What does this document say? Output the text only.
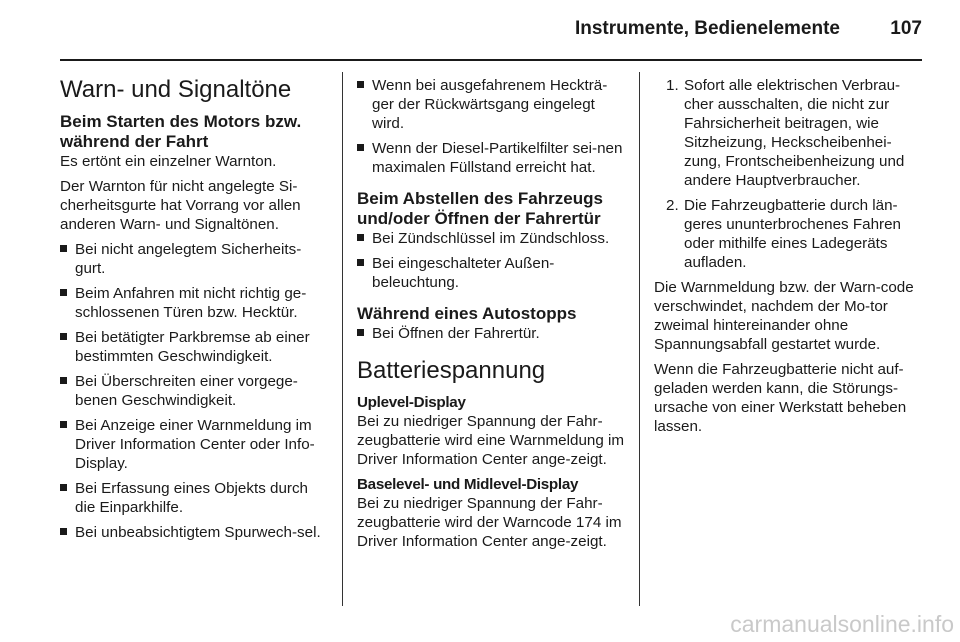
Instrumente, Bedienelemente	107
Warn- und Signaltöne
Beim Starten des Motors bzw. während der Fahrt

Es ertönt ein einzelner Warnton.

Der Warnton für nicht angelegte Si-cherheitsgurte hat Vorrang vor allen anderen Warn- und Signaltönen.

Bei nicht angelegtem Sicherheits-gurt.
Beim Anfahren mit nicht richtig ge-schlossenen Türen bzw. Hecktür.
Bei betätigter Parkbremse ab einer bestimmten Geschwindigkeit.
Bei Überschreiten einer vorgege-benen Geschwindigkeit.
Bei Anzeige einer Warnmeldung im Driver Information Center oder Info-Display.
Bei Erfassung eines Objekts durch die Einparkhilfe.
Bei unbeabsichtigtem Spurwech-sel.
Wenn bei ausgefahrenem Heckträ-ger der Rückwärtsgang eingelegt wird.
Wenn der Diesel-Partikelfilter sei-nen maximalen Füllstand erreicht hat.
Beim Abstellen des Fahrzeugs und/oder Öffnen der Fahrertür
Bei Zündschlüssel im Zündschloss.
Bei eingeschalteter Außen-beleuchtung.
Während eines Autostopps
Bei Öffnen der Fahrertür.
Batteriespannung
Uplevel-Display

Bei zu niedriger Spannung der Fahr-zeugbatterie wird eine Warnmeldung im Driver Information Center ange-zeigt.

Baselevel- und Midlevel-Display

Bei zu niedriger Spannung der Fahr-zeugbatterie wird der Warncode 174 im Driver Information Center ange-zeigt.

1. Sofort alle elektrischen Verbrau-cher ausschalten, die nicht zur Fahrsicherheit beitragen, wie Sitzheizung, Heckscheibenhei-zung, Frontscheibenheizung und andere Hauptverbraucher.
2. Die Fahrzeugbatterie durch län-geres ununterbrochenes Fahren oder mithilfe eines Ladegeräts aufladen.

Die Warnmeldung bzw. der Warn-code verschwindet, nachdem der Mo-tor zweimal hintereinander ohne Spannungsabfall gestartet wurde.

Wenn die Fahrzeugbatterie nicht auf-geladen werden kann, die Störungs-ursache von einer Werkstatt beheben lassen.

carmanualsonline.info
